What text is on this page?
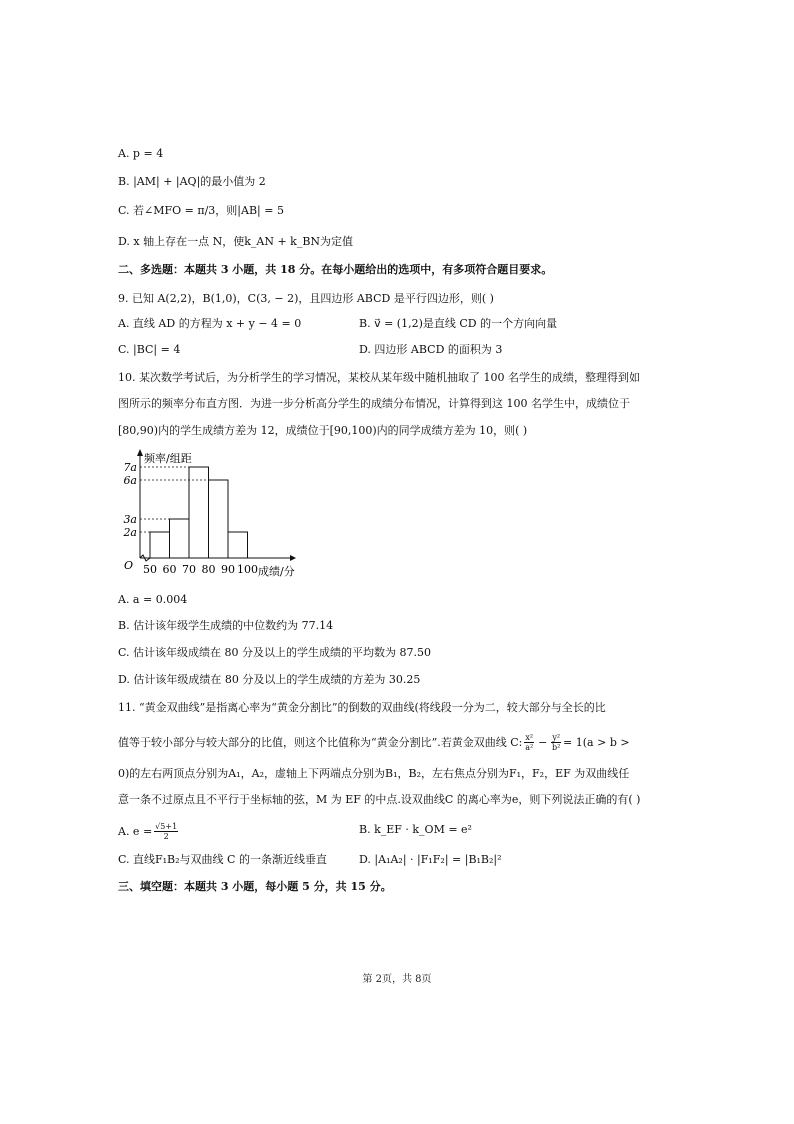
A. p = 4
B. |AM| + |AQ|的最小值为 2
C. 若∠MFO = π/3，则|AB| = 5
D. x 轴上存在一点 N，使k_AN + k_BN为定值
二、多选题：本题共 3 小题，共 18 分。在每小题给出的选项中，有多项符合题目要求。
9. 已知 A(2,2)，B(1,0)，C(3, − 2)，且四边形 ABCD 是平行四边形，则( )
A. 直线 AD 的方程为 x + y − 4 = 0	B. v⃗ = (1,2)是直线 CD 的一个方向向量
C. |BC| = 4	D. 四边形 ABCD 的面积为 3
10. 某次数学考试后，为分析学生的学习情况，某校从某年级中随机抽取了 100 名学生的成绩，整理得到如
图所示的频率分布直方图．为进一步分析高分学生的成绩分布情况，计算得到这 100 名学生中，成绩位于
[80,90)内的学生成绩方差为 12，成绩位于[90,100)内的同学成绩方差为 10，则( )
2a
3a
6a
7a
50 60 70 80 90 100
O
频率/组距
成绩/分
A. a = 0.004
B. 估计该年级学生成绩的中位数约为 77.14
C. 估计该年级成绩在 80 分及以上的学生成绩的平均数为 87.50
D. 估计该年级成绩在 80 分及以上的学生成绩的方差为 30.25
11. “黄金双曲线”是指离心率为“黄金分割比”的倒数的双曲线(将线段一分为二，较大部分与全长的比
值等于较小部分与较大部分的比值，则这个比值称为“黄金分割比”.若黄金双曲线 C: $\frac{\text{x²}}{\text{a²}} - \frac{\text{y²}}{\text{b²}} = 1(a > b$ >
0)的左右两顶点分别为A₁，A₂，虚轴上下两端点分别为B₁，B₂，左右焦点分别为F₁，F₂，EF 为双曲线任
意一条不过原点且不平行于坐标轴的弦，M 为 EF 的中点.设双曲线C 的离心率为e，则下列说法正确的有( )
A. $e = \frac{√5+1}{2}$	B. k_EF · k_OM = e²
C. 直线F₁B₂与双曲线 C 的一条渐近线垂直	D. |A₁A₂| · |F₁F₂| = |B₁B₂|²
三、填空题：本题共 3 小题，每小题 5 分，共 15 分。
第 2页，共 8页
